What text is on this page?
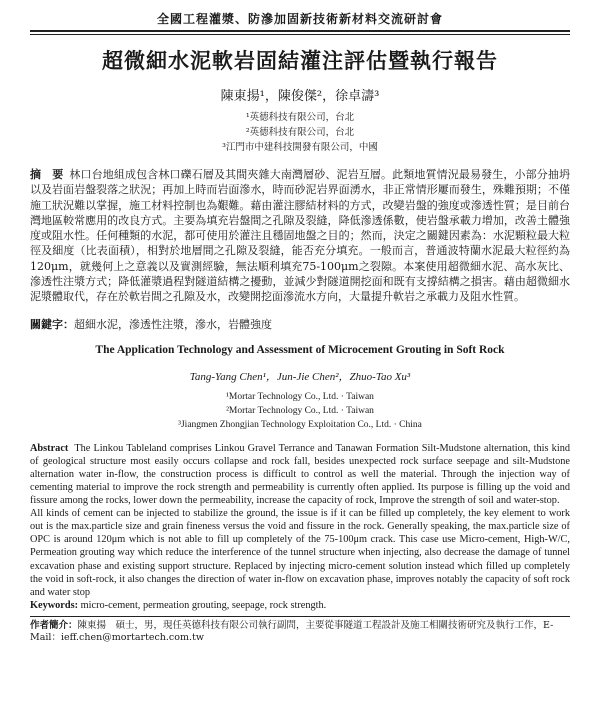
全國工程灌漿、防滲加固新技術新材料交流研討會
超微細水泥軟岩固結灌注評估暨執行報告
陳東揚¹，陳俊傑²，徐卓濤³
¹英德科技有限公司，台北
²英德科技有限公司，台北
³江門市中建科技開發有限公司，中國
摘　要 林口台地組成包含林口礫石層及其間夾雜大南灣層砂、泥岩互層。此類地質情況最易發生，小部分抽坍以及岩面岩盤裂落之狀況；再加上時而岩面滲水，時而砂泥岩界面湧水，非正常情形屢而發生，殊難預期；不僅施工狀況難以掌握，施工材料控制也為艱難。藉由灌注膠結材料的方式，改變岩盤的強度或滲透性質；是目前台灣地區較常應用的改良方式。主要為填充岩盤間之孔隙及裂縫，降低滲透係數，使岩盤承載力增加，改善土體強度或阻水性。任何種類的水泥，都可使用於灌注且穩固地盤之目的；然而，決定之關鍵因素為：水泥顆粒最大粒徑及細度（比表面積），相對於地層間之孔隙及裂縫，能否充分填充。一般而言，普通波特蘭水泥最大粒徑約為120μm，就幾何上之意義以及實測經驗，無法順利填充75-100μm之裂隙。本案使用超微細水泥、高水灰比、滲透性注漿方式；降低灌漿過程對隧道結構之擾動，並減少對隧道開挖面和既有支撐結構之損害。藉由超微細水泥漿體取代，存在於軟岩間之孔隙及水，改變開挖面滲流水方向，大量提升軟岩之承載力及阻水性質。
關鍵字：超細水泥，滲透性注漿，滲水，岩體強度
The Application Technology and Assessment of Microcement Grouting in Soft Rock
Tang-Yang Chen¹，Jun-Jie Chen²，Zhuo-Tao Xu³
¹Mortar Technology Co., Ltd. · Taiwan
²Mortar Technology Co., Ltd. · Taiwan
³Jiangmen Zhongjian Technology Exploitation Co., Ltd. · China
Abstract The Linkou Tableland comprises Linkou Gravel Terrance and Tanawan Formation Silt-Mudstone alternation, this kind of geological structure most easily occurs collapse and rock fall, besides unexpected rock surface seepage and silt-Mudstone alternation water in-flow, the construction process is difficult to control as well the material. Through the injection way of cementing material to improve the rock strength and permeability is currently often applied. Its purpose is filling up the void and fissure among the rocks, lower down the permeability, increase the capacity of rock, Improve the strength of soil and water-stop.
All kinds of cement can be injected to stabilize the ground, the issue is if it can be filled up completely, the key element to work out is the max.particle size and grain fineness versus the void and fissure in the rock. Generally speaking, the max.particle size of OPC is around 120μm which is not able to fill up completely of the 75-100μm crack. This case use Micro-cement, High-W/C, Permeation grouting way which reduce the interference of the tunnel structure when injecting, also decrease the damage of tunnel excavation phase and existing support structure. Replaced by injecting micro-cement solution instead which filled up completely the void in soft-rock, it also changes the direction of water in-flow on excavation phase, improves notably the capacity of soft rock and water stop
Keywords: micro-cement, permeation grouting, seepage, rock strength.
作者簡介：陳東揚　碩士，男，現任英德科技有限公司執行副問，主要從事隧道工程設計及施工相關技術研究及執行工作，E-Mail：ieff.chen@mortartech.com.tw
